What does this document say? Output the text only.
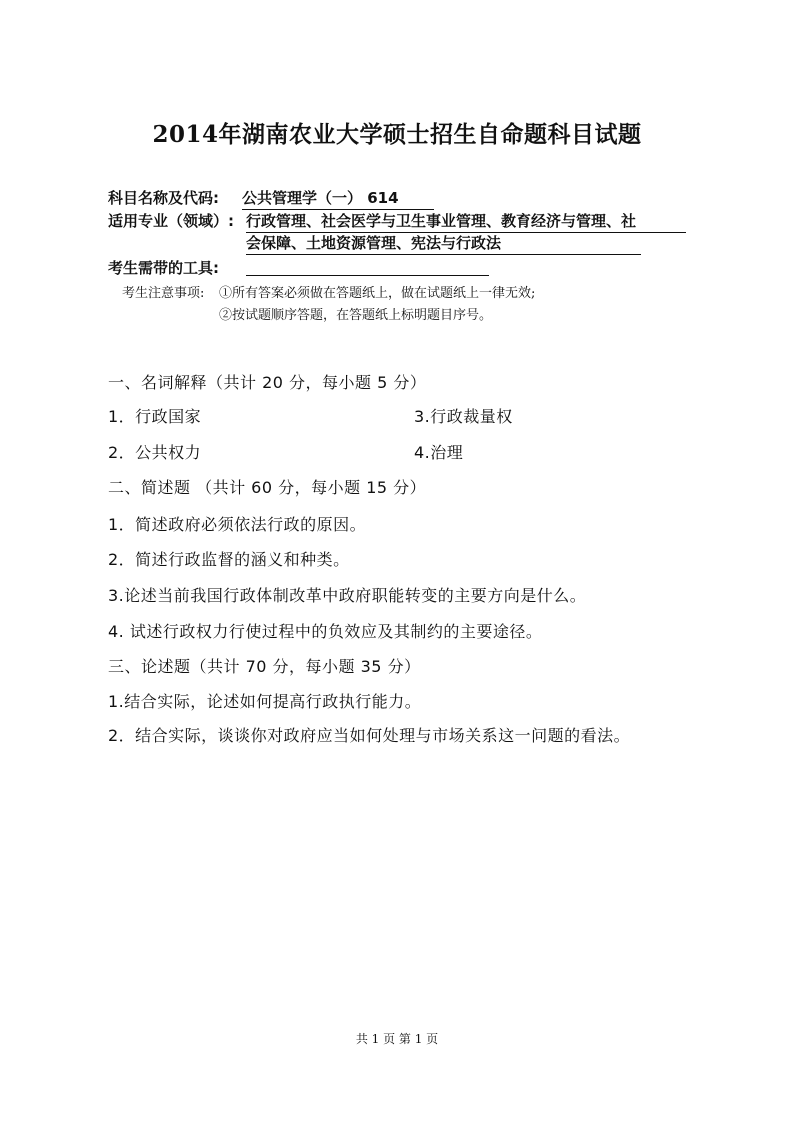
2014年湖南农业大学硕士招生自命题科目试题
科目名称及代码: 公共管理学（一） 614
适用专业（领域）: 行政管理、社会医学与卫生事业管理、教育经济与管理、社
会保障、土地资源管理、宪法与行政法
考生需带的工具:
考生注意事项: ①所有答案必须做在答题纸上，做在试题纸上一律无效;
②按试题顺序答题，在答题纸上标明题目序号。
一、名词解释（共计 20 分，每小题 5 分）
1．行政国家	3.行政裁量权
2．公共权力	4.治理
二、简述题 （共计 60 分，每小题 15 分）
1．简述政府必须依法行政的原因。
2．简述行政监督的涵义和种类。
3.论述当前我国行政体制改革中政府职能转变的主要方向是什么。
4. 试述行政权力行使过程中的负效应及其制约的主要途径。
三、论述题（共计 70 分，每小题 35 分）
1.结合实际，论述如何提高行政执行能力。
2．结合实际，谈谈你对政府应当如何处理与市场关系这一问题的看法。
共 1 页 第 1 页
